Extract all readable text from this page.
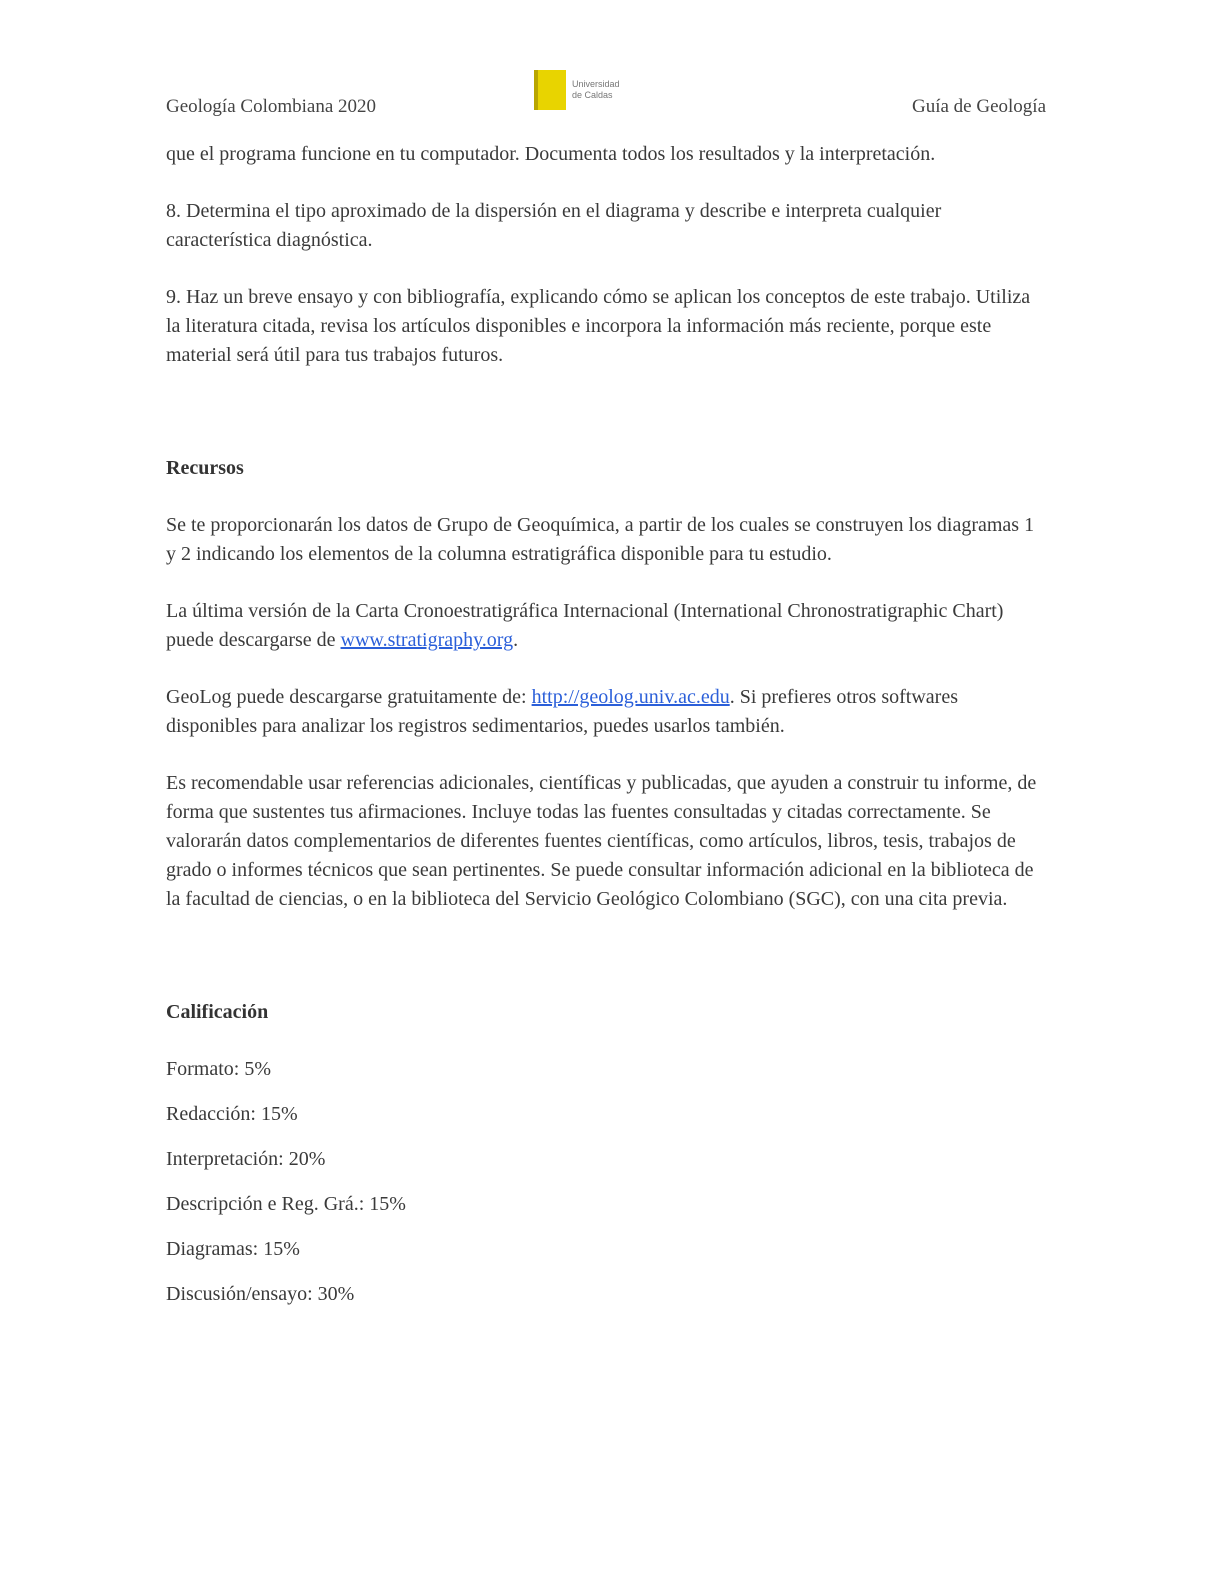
Geología Colombiana 2020
Universidad
de Caldas
Guía de Geología

que el programa funcione en tu computador. Documenta todos los resultados y la interpretación.

8. Determina el tipo aproximado de la dispersión en el diagrama y describe e interpreta cualquier característica diagnóstica.

9. Haz un breve ensayo y con bibliografía, explicando cómo se aplican los conceptos de este trabajo. Utiliza la literatura citada, revisa los artículos disponibles e incorpora la información más reciente, porque este material será útil para tus trabajos futuros.

Recursos

Se te proporcionarán los datos de Grupo de Geoquímica, a partir de los cuales se construyen los diagramas 1 y 2 indicando los elementos de la columna estratigráfica disponible para tu estudio.

La última versión de la Carta Cronoestratigráfica Internacional (International Chronostratigraphic Chart) puede descargarse de www.stratigraphy.org.

GeoLog puede descargarse gratuitamente de: http://geolog.univ.ac.edu. Si prefieres otros softwares disponibles para analizar los registros sedimentarios, puedes usarlos también.

Es recomendable usar referencias adicionales, científicas y publicadas, que ayuden a construir tu informe, de forma que sustentes tus afirmaciones. Incluye todas las fuentes consultadas y citadas correctamente. Se valorarán datos complementarios de diferentes fuentes científicas, como artículos, libros, tesis, trabajos de grado o informes técnicos que sean pertinentes. Se puede consultar información adicional en la biblioteca de la facultad de ciencias, o en la biblioteca del Servicio Geológico Colombiano (SGC), con una cita previa.

Calificación

Formato: 5%

Redacción: 15%

Interpretación: 20%

Descripción e Reg. Grá.: 15%

Diagramas: 15%

Discusión/ensayo: 30%
